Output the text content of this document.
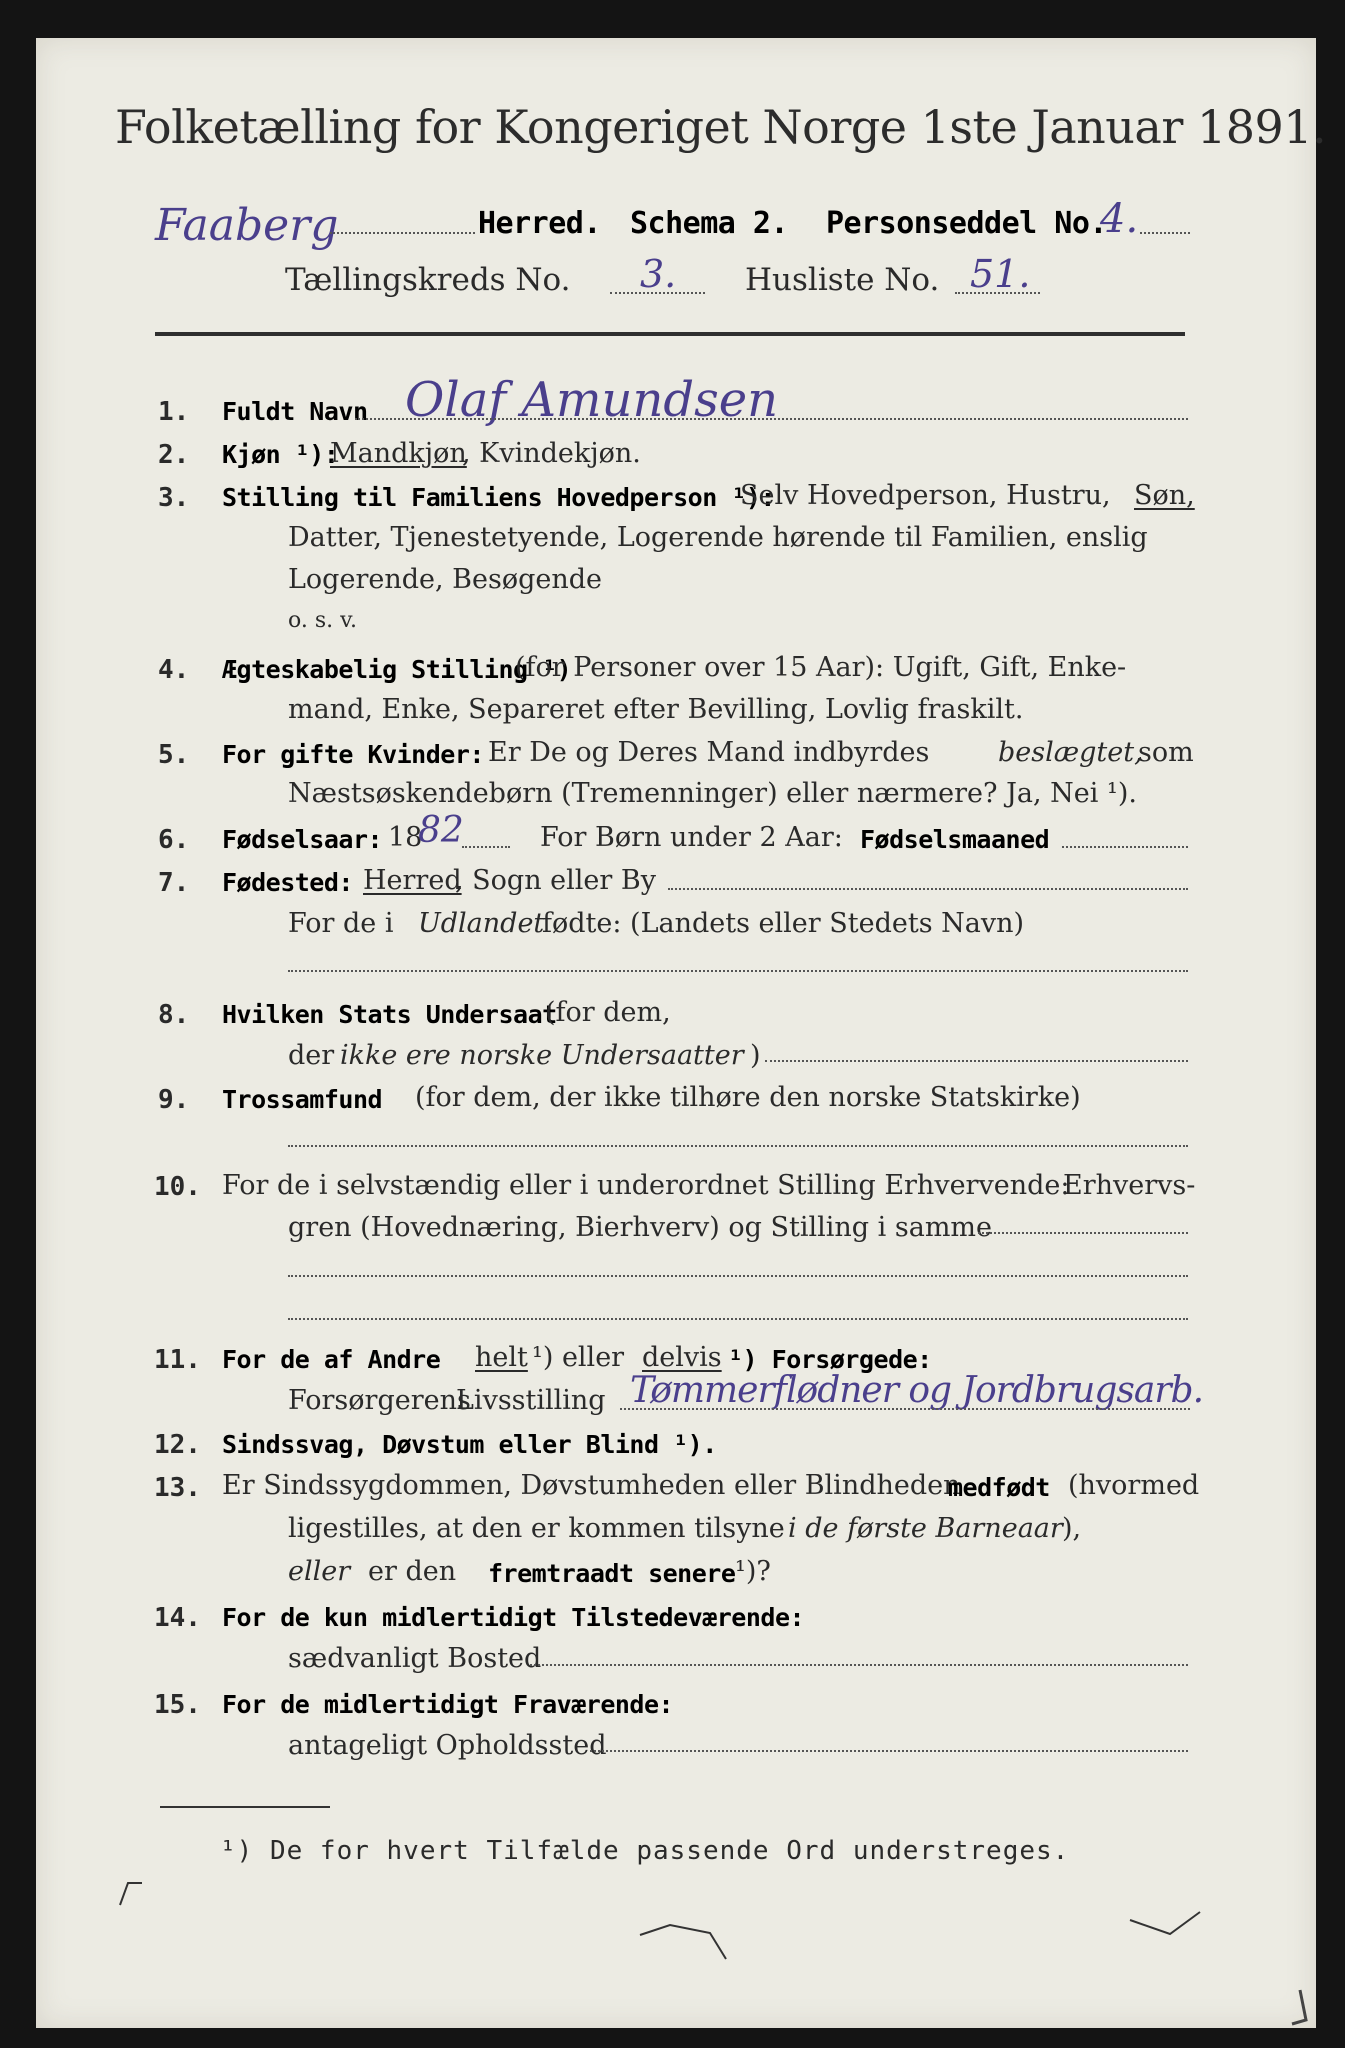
Folketælling for Kongeriget Norge 1ste Januar 1891.
Faaberg	Herred. Schema 2. Personseddel No.
4.
Tællingskreds No. 3. Husliste No. 51.
1. Fuldt Navn Olaf Amundsen
2. Kjøn ¹):
Mandkjøn
, Kvindekjøn.
3. Stilling til Familiens Hovedperson ¹):
Selv Hovedperson, Hustru, Søn,
Datter, Tjenestetyende, Logerende hørende til Familien, enslig
Logerende, Besøgende
o. s. v.
4. Ægteskabelig Stilling ¹)
(for Personer over 15 Aar): Ugift, Gift, Enke-
mand, Enke, Separeret efter Bevilling, Lovlig fraskilt.
5. For gifte Kvinder: Er De og Deres Mand indbyrdes	beslægtet,
som
Næstsøskendebørn (Tremenninger) eller nærmere? Ja, Nei ¹).
6. Fødselsaar: 18
82	For Børn under 2 Aar: Fødselsmaaned
7. Fødested: Herred
, Sogn eller By
For de i Udlandet
fødte: (Landets eller Stedets Navn)
8. Hvilken Stats Undersaat
(for dem,
der ikke ere norske Undersaatter )
9. Trossamfund (for dem, der ikke tilhøre den norske Statskirke)
10. For de i selvstændig eller i underordnet Stilling Erhvervende:
Erhvervs-
gren (Hovednæring, Bierhverv) og Stilling i samme
11. For de af Andre helt ¹) eller delvis ¹) Forsørgede:
Forsørgerens
Livsstilling Tømmerflødner og Jordbrugsarb.
12. Sindssvag, Døvstum eller Blind ¹).
13. Er Sindssygdommen, Døvstumheden eller Blindheden
medfødt (hvormed
ligestilles, at den er kommen tilsyne i de første Barneaar ),
eller er den fremtraadt senere ¹)?
14. For de kun midlertidigt Tilstedeværende:
sædvanligt Bosted
15. For de midlertidigt Fraværende:
antageligt Opholdssted
¹) De for hvert Tilfælde passende Ord understreges.
